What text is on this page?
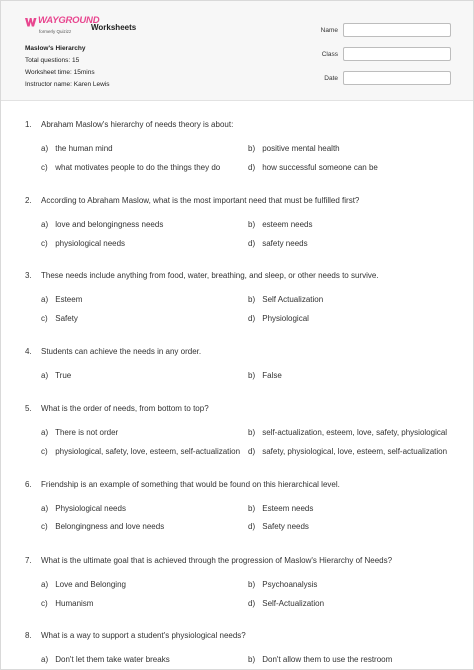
WAYGROUND
formerly Quizizz Worksheets
Maslow's Hierarchy
Total questions: 15
Worksheet time: 15mins
Instructor name: Karen Lewis
Name
Class
Date
1. Abraham Maslow's hierarchy of needs theory is about:
a) the human mind	b) positive mental health
c) what motivates people to do the things they do	d) how successful someone can be
2. According to Abraham Maslow, what is the most important need that must be fulfilled first?
a) love and belongingness needs	b) esteem needs
c) physiological needs	d) safety needs
3. These needs include anything from food, water, breathing, and sleep, or other needs to survive.
a) Esteem	b) Self Actualization
c) Safety	d) Physiological
4. Students can achieve the needs in any order.
a) True	b) False
5. What is the order of needs, from bottom to top?
a) There is not order	b) self-actualization, esteem, love, safety, physiological
c) physiological, safety, love, esteem, self-actualization d) safety, physiological, love, esteem, self-actualization
6. Friendship is an example of something that would be found on this hierarchical level.
a) Physiological needs	b) Esteem needs
c) Belongingness and love needs	d) Safety needs
7. What is the ultimate goal that is achieved through the progression of Maslow's Hierarchy of Needs?
a) Love and Belonging	b) Psychoanalysis
c) Humanism	d) Self-Actualization
8. What is a way to support a student's physiological needs?
a) Don't let them take water breaks	b) Don't allow them to use the restroom
